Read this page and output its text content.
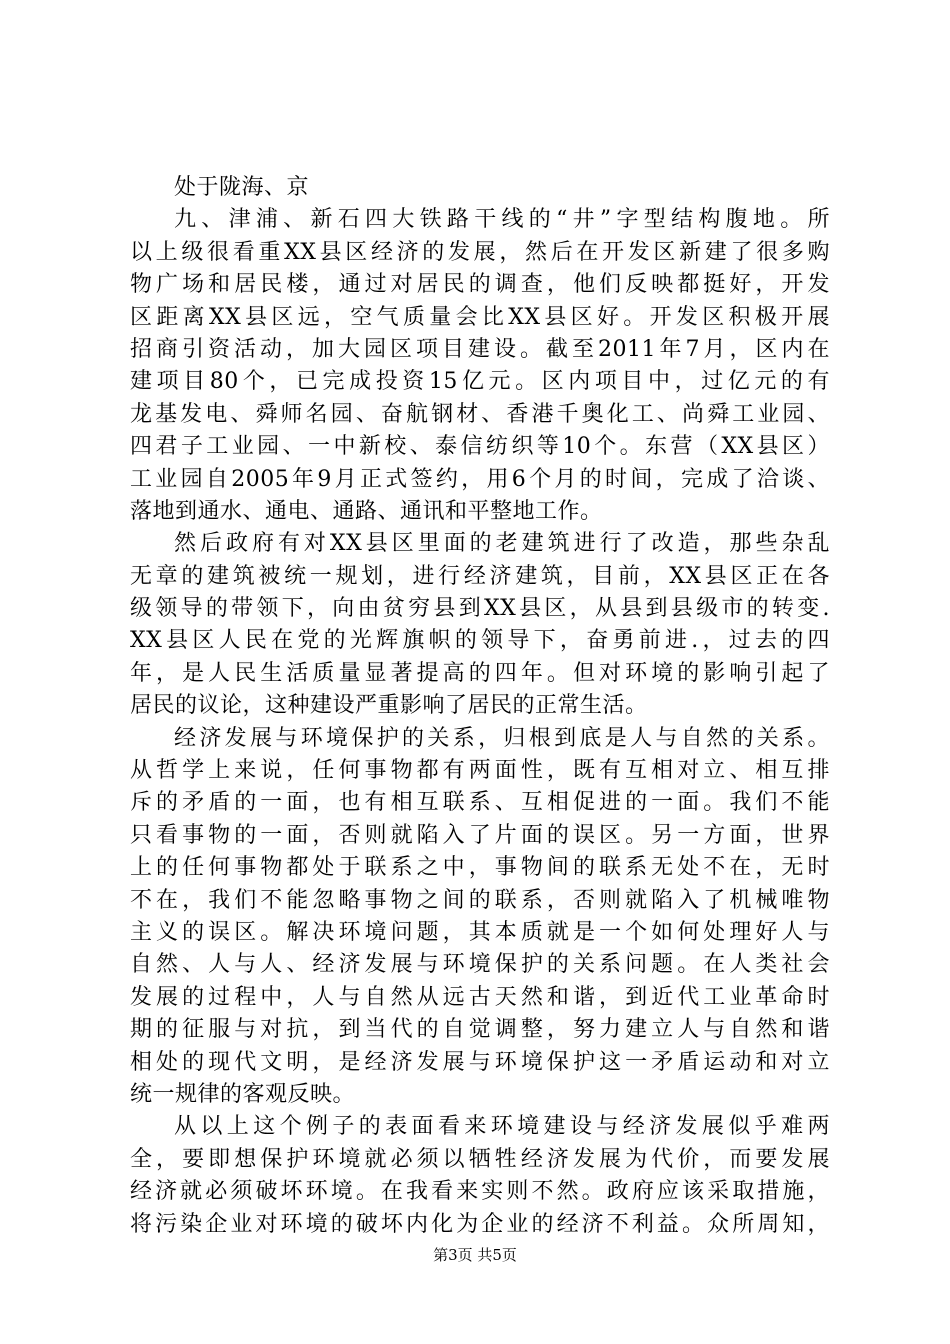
处于陇海、京
九、津浦、新石四大铁路干线的“井”字型结构腹地。所
以上级很看重XX县区经济的发展，然后在开发区新建了很多购
物广场和居民楼，通过对居民的调查，他们反映都挺好，开发
区距离XX县区远，空气质量会比XX县区好。开发区积极开展
招商引资活动，加大园区项目建设。截至2011年7月，区内在
建项目80个，已完成投资15亿元。区内项目中，过亿元的有
龙基发电、舜师名园、奋航钢材、香港千奥化工、尚舜工业园、
四君子工业园、一中新校、泰信纺织等10个。东营（XX县区）
工业园自2005年9月正式签约，用6个月的时间，完成了洽谈、
落地到通水、通电、通路、通讯和平整地工作。
然后政府有对XX县区里面的老建筑进行了改造，那些杂乱
无章的建筑被统一规划，进行经济建筑，目前，XX县区正在各
级领导的带领下，向由贫穷县到XX县区，从县到县级市的转变.
XX县区人民在党的光辉旗帜的领导下，奋勇前进.，过去的四
年，是人民生活质量显著提高的四年。但对环境的影响引起了
居民的议论，这种建设严重影响了居民的正常生活。
经济发展与环境保护的关系，归根到底是人与自然的关系。
从哲学上来说，任何事物都有两面性，既有互相对立、相互排
斥的矛盾的一面，也有相互联系、互相促进的一面。我们不能
只看事物的一面，否则就陷入了片面的误区。另一方面，世界
上的任何事物都处于联系之中，事物间的联系无处不在，无时
不在，我们不能忽略事物之间的联系，否则就陷入了机械唯物
主义的误区。解决环境问题，其本质就是一个如何处理好人与
自然、人与人、经济发展与环境保护的关系问题。在人类社会
发展的过程中，人与自然从远古天然和谐，到近代工业革命时
期的征服与对抗，到当代的自觉调整，努力建立人与自然和谐
相处的现代文明，是经济发展与环境保护这一矛盾运动和对立
统一规律的客观反映。
从以上这个例子的表面看来环境建设与经济发展似乎难两
全，要即想保护环境就必须以牺牲经济发展为代价，而要发展
经济就必须破坏环境。在我看来实则不然。政府应该采取措施，
将污染企业对环境的破坏内化为企业的经济不利益。众所周知，
第3页 共5页
